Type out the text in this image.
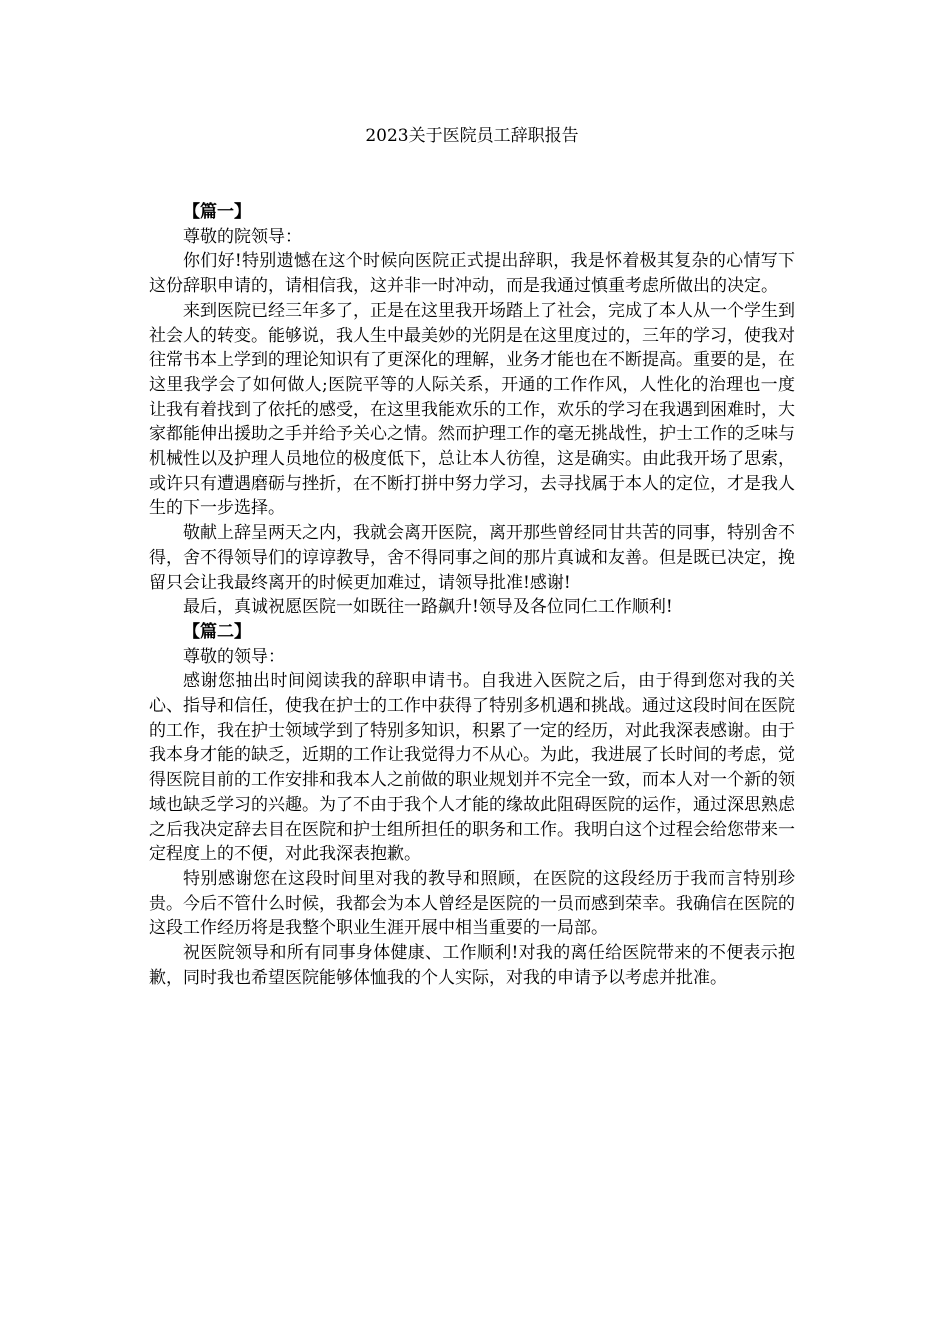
2023关于医院员工辞职报告

【篇一】

尊敬的院领导：

你们好!特别遗憾在这个时候向医院正式提出辞职，我是怀着极其复杂的心情写下这份辞职申请的，请相信我，这并非一时冲动，而是我通过慎重考虑所做出的决定。

来到医院已经三年多了，正是在这里我开场踏上了社会，完成了本人从一个学生到社会人的转变。能够说，我人生中最美妙的光阴是在这里度过的，三年的学习，使我对往常书本上学到的理论知识有了更深化的理解，业务才能也在不断提高。重要的是，在这里我学会了如何做人;医院平等的人际关系，开通的工作作风，人性化的治理也一度让我有着找到了依托的感受，在这里我能欢乐的工作，欢乐的学习在我遇到困难时，大家都能伸出援助之手并给予关心之情。然而护理工作的毫无挑战性，护士工作的乏味与机械性以及护理人员地位的极度低下，总让本人彷徨，这是确实。由此我开场了思索，或许只有遭遇磨砺与挫折，在不断打拼中努力学习，去寻找属于本人的定位，才是我人生的下一步选择。

敬献上辞呈两天之内，我就会离开医院，离开那些曾经同甘共苦的同事，特别舍不得，舍不得领导们的谆谆教导，舍不得同事之间的那片真诚和友善。但是既已决定，挽留只会让我最终离开的时候更加难过，请领导批准!感谢!

最后，真诚祝愿医院一如既往一路飙升!领导及各位同仁工作顺利!

【篇二】

尊敬的领导：

感谢您抽出时间阅读我的辞职申请书。自我进入医院之后，由于得到您对我的关心、指导和信任，使我在护士的工作中获得了特别多机遇和挑战。通过这段时间在医院的工作，我在护士领域学到了特别多知识，积累了一定的经历，对此我深表感谢。由于我本身才能的缺乏，近期的工作让我觉得力不从心。为此，我进展了长时间的考虑，觉得医院目前的工作安排和我本人之前做的职业规划并不完全一致，而本人对一个新的领域也缺乏学习的兴趣。为了不由于我个人才能的缘故此阻碍医院的运作，通过深思熟虑之后我决定辞去目在医院和护士组所担任的职务和工作。我明白这个过程会给您带来一定程度上的不便，对此我深表抱歉。

特别感谢您在这段时间里对我的教导和照顾，在医院的这段经历于我而言特别珍贵。今后不管什么时候，我都会为本人曾经是医院的一员而感到荣幸。我确信在医院的这段工作经历将是我整个职业生涯开展中相当重要的一局部。

祝医院领导和所有同事身体健康、工作顺利!对我的离任给医院带来的不便表示抱歉，同时我也希望医院能够体恤我的个人实际，对我的申请予以考虑并批准。
